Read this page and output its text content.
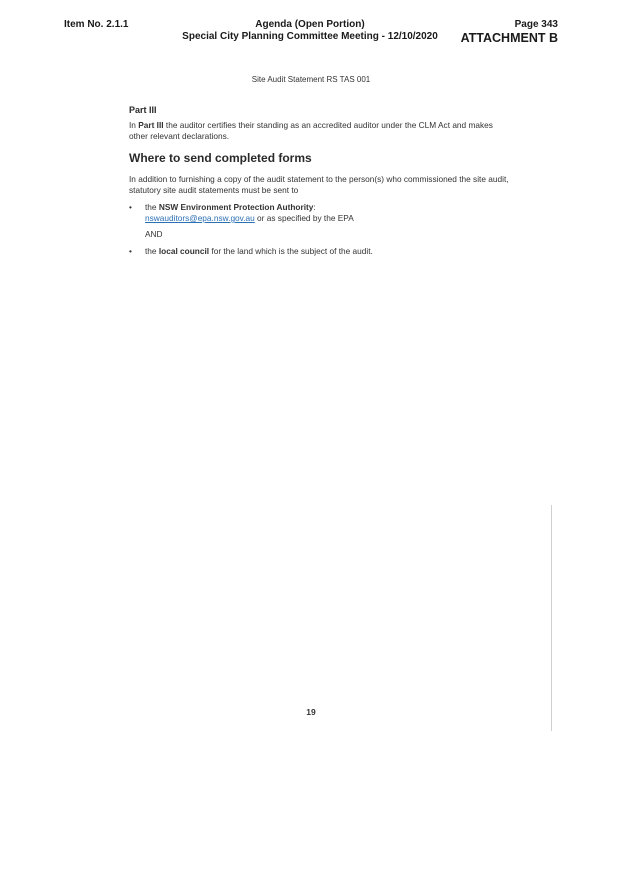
Item No. 2.1.1	Agenda (Open Portion)
Special City Planning Committee Meeting - 12/10/2020
Page 343
ATTACHMENT B
Site Audit Statement RS TAS 001
Part III

In Part III the auditor certifies their standing as an accredited auditor under the CLM Act and makes other relevant declarations.

Where to send completed forms

In addition to furnishing a copy of the audit statement to the person(s) who commissioned the site audit, statutory site audit statements must be sent to

• the NSW Environment Protection Authority:
nswauditors@epa.nsw.gov.au or as specified by the EPA
AND
• the local council for the land which is the subject of the audit.
19
